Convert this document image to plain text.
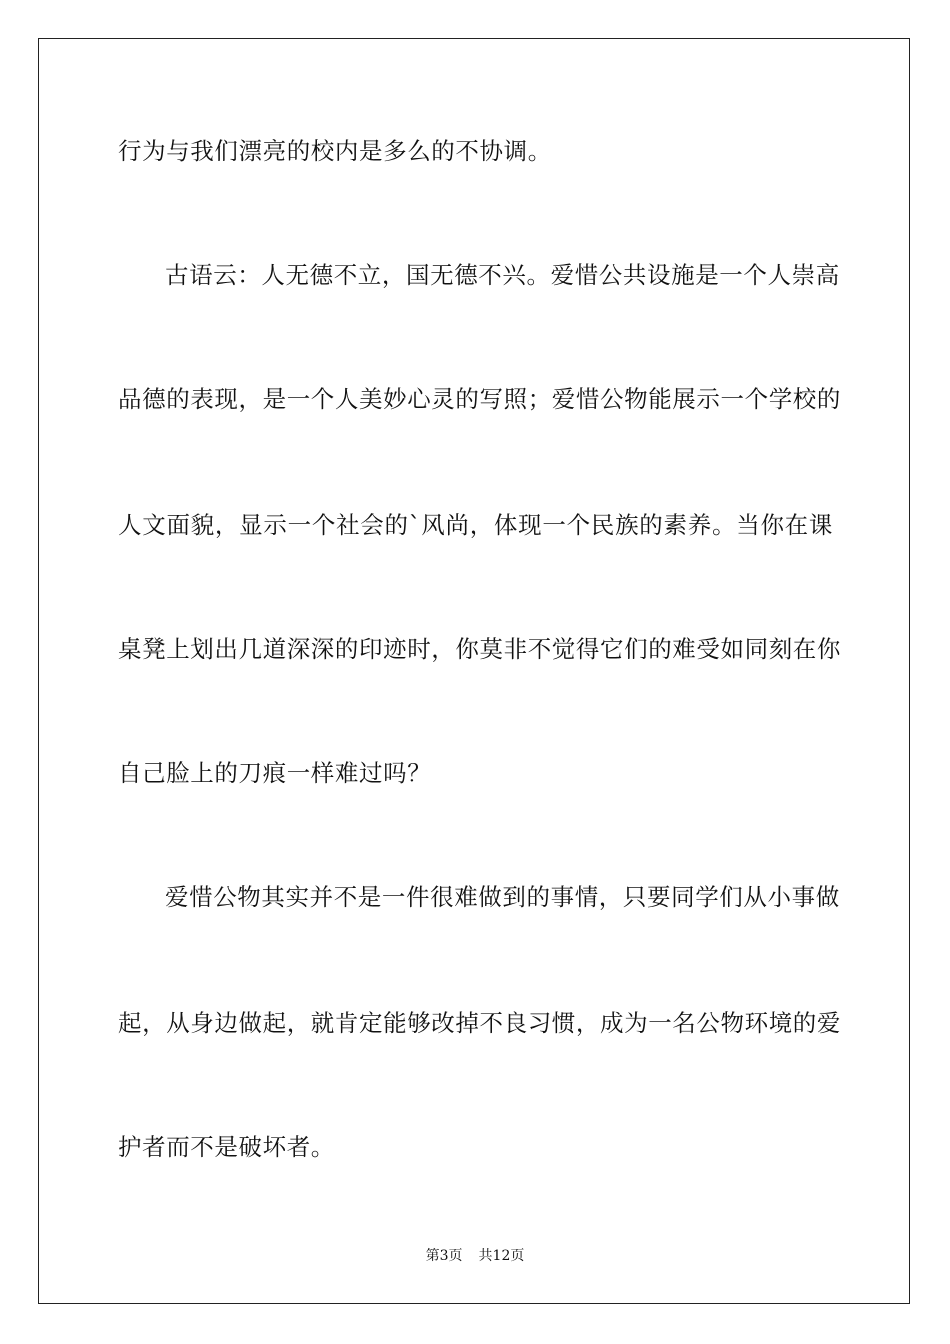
行为与我们漂亮的校内是多么的不协调。
古语云：人无德不立，国无德不兴。爱惜公共设施是一个人崇高
品德的表现，是一个人美妙心灵的写照；爱惜公物能展示一个学校的
人文面貌，显示一个社会的`风尚，体现一个民族的素养。当你在课
桌凳上划出几道深深的印迹时，你莫非不觉得它们的难受如同刻在你
自己脸上的刀痕一样难过吗？
爱惜公物其实并不是一件很难做到的事情，只要同学们从小事做
起，从身边做起，就肯定能够改掉不良习惯，成为一名公物环境的爱
护者而不是破坏者。
第3页 共12页
